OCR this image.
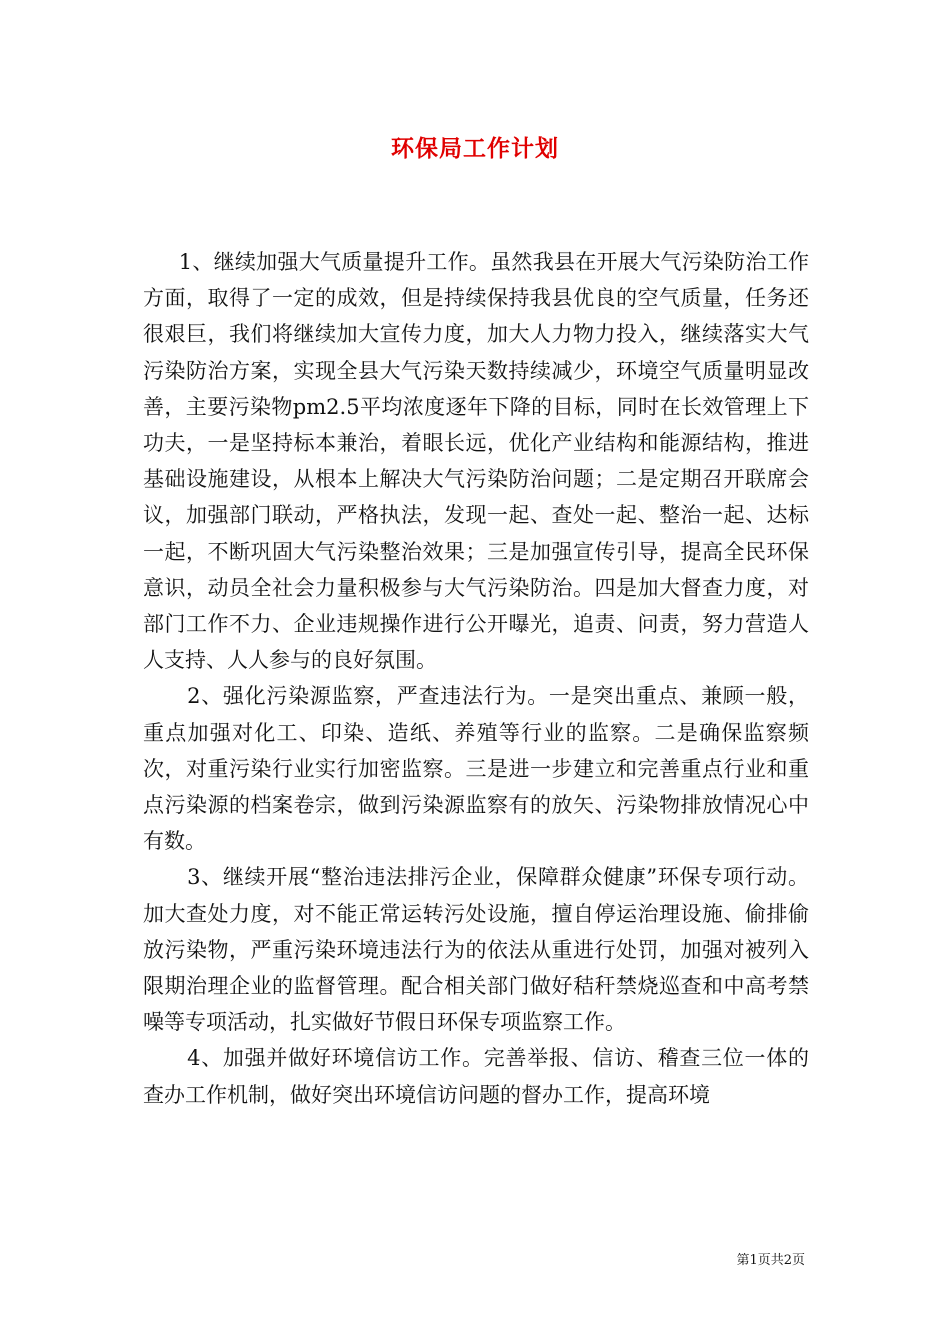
环保局工作计划

1、继续加强大气质量提升工作。虽然我县在开展大气污染防治工作方面，取得了一定的成效，但是持续保持我县优良的空气质量，任务还很艰巨，我们将继续加大宣传力度，加大人力物力投入，继续落实大气污染防治方案，实现全县大气污染天数持续减少，环境空气质量明显改善，主要污染物pm2.5平均浓度逐年下降的目标，同时在长效管理上下功夫，一是坚持标本兼治，着眼长远，优化产业结构和能源结构，推进基础设施建设，从根本上解决大气污染防治问题；二是定期召开联席会议，加强部门联动，严格执法，发现一起、查处一起、整治一起、达标一起，不断巩固大气污染整治效果；三是加强宣传引导，提高全民环保意识，动员全社会力量积极参与大气污染防治。四是加大督查力度，对部门工作不力、企业违规操作进行公开曝光，追责、问责，努力营造人人支持、人人参与的良好氛围。

2、强化污染源监察，严查违法行为。一是突出重点、兼顾一般，重点加强对化工、印染、造纸、养殖等行业的监察。二是确保监察频次，对重污染行业实行加密监察。三是进一步建立和完善重点行业和重点污染源的档案卷宗，做到污染源监察有的放矢、污染物排放情况心中有数。

3、继续开展“整治违法排污企业，保障群众健康”环保专项行动。加大查处力度，对不能正常运转污处设施，擅自停运治理设施、偷排偷放污染物，严重污染环境违法行为的依法从重进行处罚，加强对被列入限期治理企业的监督管理。配合相关部门做好秸秆禁烧巡查和中高考禁噪等专项活动，扎实做好节假日环保专项监察工作。

4、加强并做好环境信访工作。完善举报、信访、稽查三位一体的查办工作机制，做好突出环境信访问题的督办工作，提高环境

第1页共2页
